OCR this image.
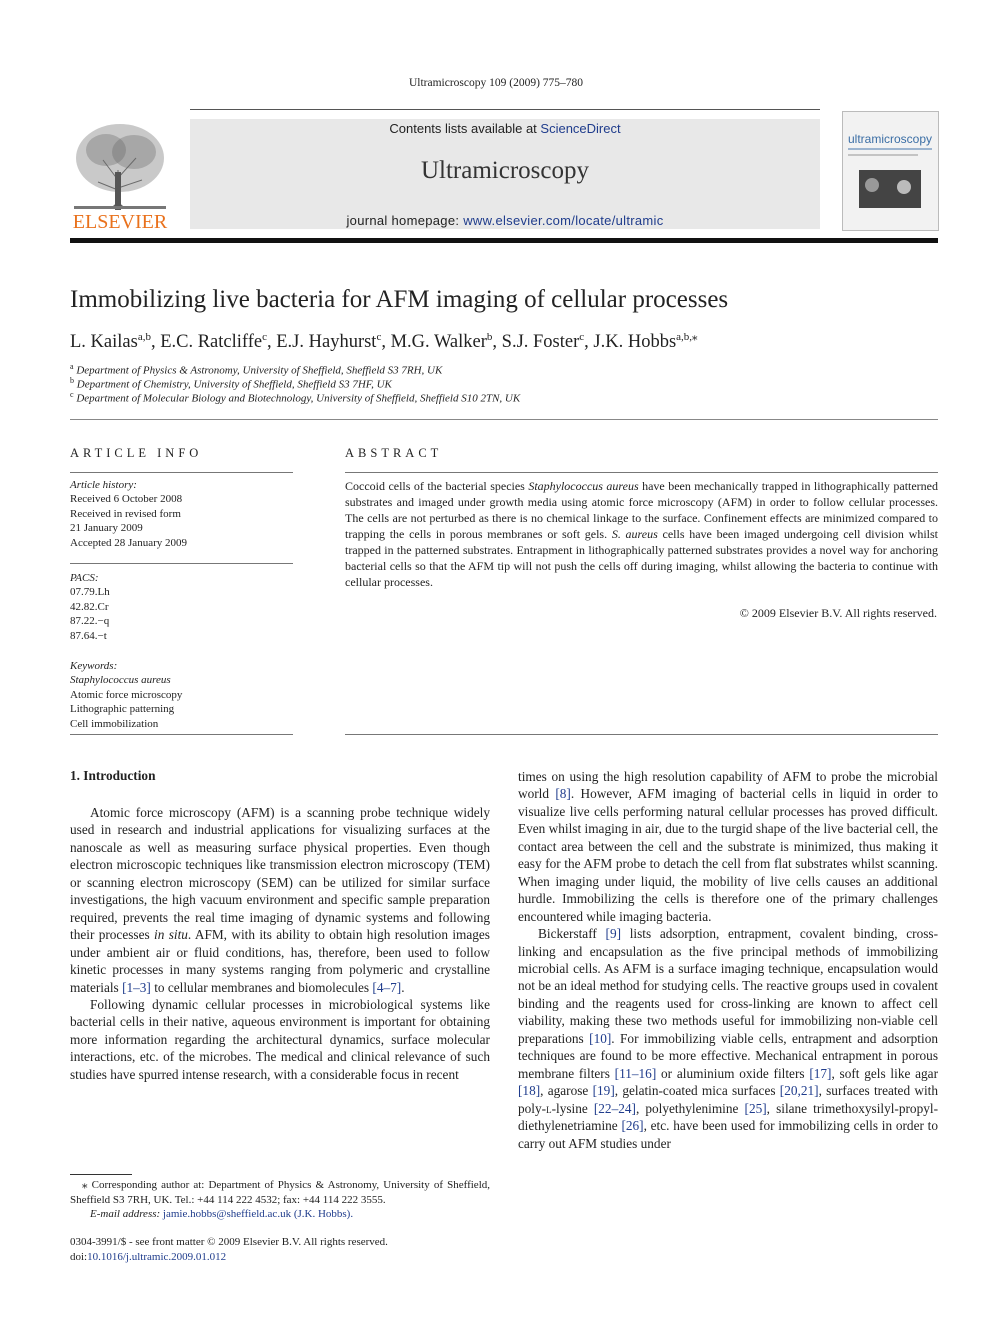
Ultramicroscopy 109 (2009) 775–780
ELSEVIER
Contents lists available at ScienceDirect
Ultramicroscopy
journal homepage: www.elsevier.com/locate/ultramic
ultramicroscopy
Immobilizing live bacteria for AFM imaging of cellular processes
L. Kailas$^{a,b}$, E.C. Ratcliffe$^c$, E.J. Hayhurst$^c$, M.G. Walker$^b$, S.J. Foster$^c$, J.K. Hobbs$^{a,b,⁎}$
$^a$ Department of Physics & Astronomy, University of Sheffield, Sheffield S3 7RH, UK
$^b$ Department of Chemistry, University of Sheffield, Sheffield S3 7HF, UK
$^c$ Department of Molecular Biology and Biotechnology, University of Sheffield, Sheffield S10 2TN, UK
ARTICLE INFO
Article history:
Received 6 October 2008
Received in revised form
21 January 2009
Accepted 28 January 2009
PACS:
07.79.Lh
42.82.Cr
87.22.−q
87.64.−t
Keywords:
Staphylococcus aureus
Atomic force microscopy
Lithographic patterning
Cell immobilization
ABSTRACT
Coccoid cells of the bacterial species Staphylococcus aureus have been mechanically trapped in lithographically patterned substrates and imaged under growth media using atomic force microscopy (AFM) in order to follow cellular processes. The cells are not perturbed as there is no chemical linkage to the surface. Confinement effects are minimized compared to trapping the cells in porous membranes or soft gels. S. aureus cells have been imaged undergoing cell division whilst trapped in the patterned substrates. Entrapment in lithographically patterned substrates provides a novel way for anchoring bacterial cells so that the AFM tip will not push the cells off during imaging, whilst allowing the bacteria to continue with cellular processes.
© 2009 Elsevier B.V. All rights reserved.
1. Introduction

Atomic force microscopy (AFM) is a scanning probe technique widely used in research and industrial applications for visualizing surfaces at the nanoscale as well as measuring surface physical properties. Even though electron microscopic techniques like transmission electron microscopy (TEM) or scanning electron microscopy (SEM) can be utilized for similar surface investigations, the high vacuum environment and specific sample preparation required, prevents the real time imaging of dynamic systems and following their processes in situ. AFM, with its ability to obtain high resolution images under ambient air or fluid conditions, has, therefore, been used to follow kinetic processes in many systems ranging from polymeric and crystalline materials [1–3] to cellular membranes and biomolecules [4–7].

Following dynamic cellular processes in microbiological systems like bacterial cells in their native, aqueous environment is important for obtaining more information regarding the architectural dynamics, surface molecular interactions, etc. of the microbes. The medical and clinical relevance of such studies have spurred intense research, with a considerable focus in recent

times on using the high resolution capability of AFM to probe the microbial world [8]. However, AFM imaging of bacterial cells in liquid in order to visualize live cells performing natural cellular processes has proved difficult. Even whilst imaging in air, due to the turgid shape of the live bacterial cell, the contact area between the cell and the substrate is minimized, thus making it easy for the AFM probe to detach the cell from flat substrates whilst scanning. When imaging under liquid, the mobility of live cells causes an additional hurdle. Immobilizing the cells is therefore one of the primary challenges encountered while imaging bacteria.

Bickerstaff [9] lists adsorption, entrapment, covalent binding, cross-linking and encapsulation as the five principal methods of immobilizing microbial cells. As AFM is a surface imaging technique, encapsulation would not be an ideal method for studying cells. The reactive groups used in covalent binding and the reagents used for cross-linking are known to affect cell viability, making these two methods useful for immobilizing non-viable cell preparations [10]. For immobilizing viable cells, entrapment and adsorption techniques are found to be more effective. Mechanical entrapment in porous membrane filters [11–16] or aluminium oxide filters [17], soft gels like agar [18], agarose [19], gelatin-coated mica surfaces [20,21], surfaces treated with poly-l-lysine [22–24], polyethylenimine [25], silane trimethoxysilyl-propyl-diethylenetriamine [26], etc. have been used for immobilizing cells in order to carry out AFM studies under

⁎ Corresponding author at: Department of Physics & Astronomy, University of Sheffield, Sheffield S3 7RH, UK. Tel.: +44 114 222 4532; fax: +44 114 222 3555.
E-mail address: jamie.hobbs@sheffield.ac.uk (J.K. Hobbs).
0304-3991/$ - see front matter © 2009 Elsevier B.V. All rights reserved.
doi:10.1016/j.ultramic.2009.01.012
